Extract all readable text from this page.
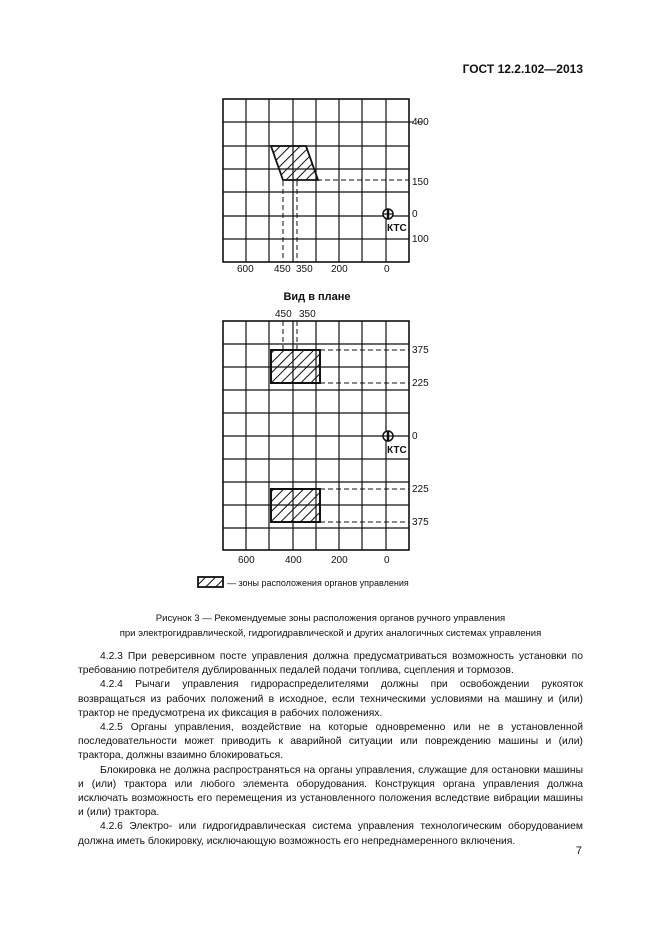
ГОСТ 12.2.102—2013
КТС
400
150
0
100
600 450 350 200	0
Вид в плане
450 350
КТС
375
225
0
225
375
600	400	200	0
— зоны расположения органов управления
Рисунок 3 — Рекомендуемые зоны расположения органов ручного управления
при электрогидравлической, гидрогидравлической и других аналогичных системах управления

4.2.3 При реверсивном посте управления должна предусматриваться возможность установки по требованию потребителя дублированных педалей подачи топлива, сцепления и тормозов.

4.2.4 Рычаги управления гидрораспределителями должны при освобождении рукояток возвращаться из рабочих положений в исходное, если техническими условиями на машину и (или) трактор не предусмотрена их фиксация в рабочих положениях.

4.2.5 Органы управления, воздействие на которые одновременно или не в установленной последовательности может приводить к аварийной ситуации или повреждению машины и (или) трактора, должны взаимно блокироваться.

Блокировка не должна распространяться на органы управления, служащие для остановки машины и (или) трактора или любого элемента оборудования. Конструкция органа управления должна исключать возможность его перемещения из установленного положения вследствие вибрации машины и (или) трактора.

4.2.6 Электро- или гидрогидравлическая система управления технологическим оборудованием должна иметь блокировку, исключающую возможность его непреднамеренного включения.

7
